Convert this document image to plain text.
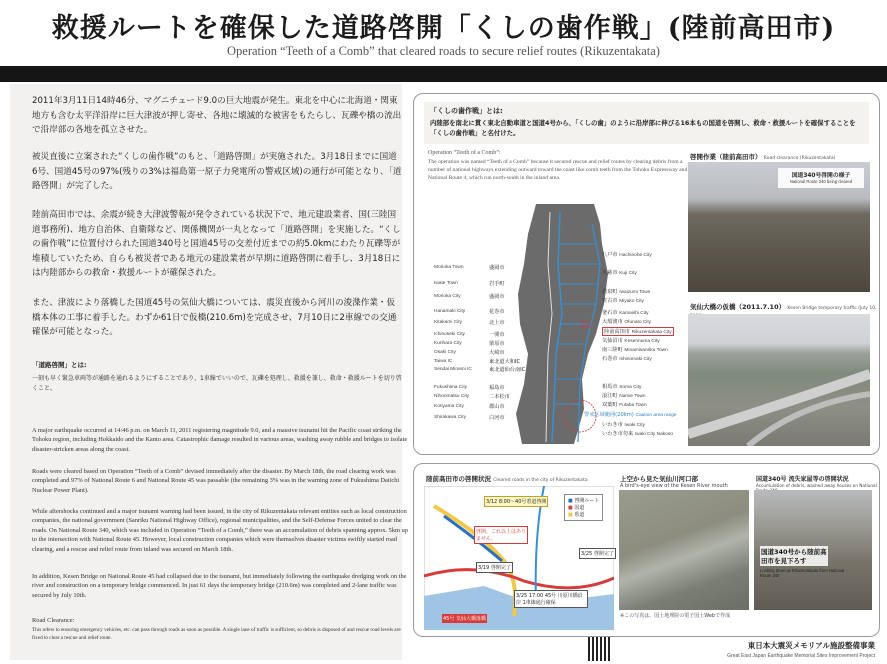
救援ルートを確保した道路啓開「くしの歯作戦」(陸前高田市)
Operation “Teeth of a Comb” that cleared roads to secure relief routes (Rikuzentakata)

2011年3月11日14時46分、マグニチュード9.0の巨大地震が発生。東北を中心に北海道・関東地方も含む太平洋沿岸に巨大津波が押し寄せ、各地に壊滅的な被害をもたらし、瓦礫や橋の流出で沿岸部の各地を孤立させた。

被災直後に立案された“くしの歯作戦”のもと、「道路啓開」が実施された。3月18日までに国道6号、国道45号の97%(残りの3%は福島第一原子力発電所の警戒区域)の通行が可能となり、「道路啓開」が完了した。

陸前高田市では、余震が続き大津波警報が発令されている状況下で、地元建設業者、国(三陸国道事務所)、地方自治体、自衛隊など、関係機関が一丸となって「道路啓開」を実施した。“くしの歯作戦”に位置付けられた国道340号と国道45号の交差付近までの約5.0kmにわたり瓦礫等が堆積していたため、自らも被災者である地元の建設業者が早期に道路啓開に着手し、3月18日には内陸部からの救命・救援ルートが確保された。

また、津波により落橋した国道45号の気仙大橋については、震災直後から河川の浚渫作業・仮橋本体の工事に着手した。わずか61日で仮橋(210.6m)を完成させ、7月10日に2車線での交通確保が可能となった。

「道路啓開」とは:

一刻も早く緊急車両等が通路を通れるようにすることであり、1車線でいいので、瓦礫を処理し、救援を兼し、救命・救援ルートを切り啓くこと。

A major earthquake occurred at 14:46 p.m. on March 11, 2011 registering magnitude 9.0, and a massive tsunami hit the Pacific coast striking the Tohoku region, including Hokkaido and the Kanto area. Catastrophic damage resulted in various areas, washing away rubble and bridges to isolate disaster-stricken areas along the coast.

Roads were cleared based on Operation “Teeth of a Comb” devised immediately after the disaster. By March 18th, the road clearing work was completed and 97% of National Route 6 and National Route 45 was passable (the remaining 3% was in the warning zone of Fukushima Daiichi Nuclear Power Plant).

While aftershocks continued and a major tsunami warning had been issued, in the city of Rikuzentakata relevant entities such as local construction companies, the national government (Sanriku National Highway Office), regional municipalities, and the Self-Defense Forces united to clear the roads. On National Route 340, which was included in Operation “Teeth of a Comb,” there was an accumulation of debris spanning approx. 5km up to the intersection with National Route 45. However, local construction companies which were themselves disaster victims swiftly started road clearing, and a rescue and relief route from inland was secured on March 18th.

In addition, Kesen Bridge on National Route 45 had collapsed due to the tsunami, but immediately following the earthquake dredging work on the river and construction on a temporary bridge commenced. In just 61 days the temporary bridge (210.6m) was completed and 2-lane traffic was secured by July 10th.

Road Clearance:

This refers to ensuring emergency vehicles, etc. can pass through roads as soon as possible. A single lane of traffic is sufficient, so debris is disposed of and rescue road levels are fixed to clear a rescue and relief route.

「くしの歯作戦」とは:
内陸部を南北に貫く東北自動車道と国道4号から、「くしの歯」のように沿岸部に伸びる16本もの国道を啓開し、救命・救援ルートを確保することを「くしの歯作戦」と名付けた。
Operation “Teeth of a Comb”:
The operation was named “Teeth of a Comb” because it secured rescue and relief routes by clearing debris from a number of national highways extending outward toward the coast like comb teeth from the Tohoku Expressway and National Route 4, which run north-south in the inland area.
盛岡市
Morioka Town
岩手町
Iwate Town
盛岡市
Morioka City
花巻市
Hanamaki City
北上市
Kitakami City
一関市
Ichinoseki City
栗原市
Kurihara City
大崎市
Osaki City
東北道大和IC
Taiwa IC
東北道仙台南IC
Sendai Minami IC
福島市
Fukushima City
二本松市
Nihonmatsu City
郡山市
Koriyama City
白河市
Shirakawa City
八戸市 Hachinohe City
久慈市 Kuji City
岩泉町 Iwaizumi Town
宮古市 Miyako City
釜石市 Kamaishi City
大船渡市 Ofunato City
陸前高田市 Rikuzentakata City
気仙沼市 Kesennuma City
南三陸町 Minamisanriku Town
石巻市 Ishinomaki City
相馬市 Soma City
浪江町 Namie Town
双葉町 Futaba Town
警戒区域範囲(20km) Caution area range
いわき市 Iwaki City
いわき市勿来 Iwaki City Nakoso
啓開作業（陸前高田市） Road clearance (Rikuzentakata)
国道340号啓開の様子
National Route 340 being cleared
気仙大橋の仮橋（2011.7.10） Kesen Bridge temporary traffic (July 10,
陸前高田市の啓開状況 Cleared roads in the city of Rikuzentakata
3/12 8:00～40号着道啓開
啓開、これ以上はありません。
3/19 啓開完了
3/25 啓開完了
3/25 17:00 45号 川原川橋沿岸 1車線通行確保
45号 気仙大橋落橋
■ 啓開ルート
■ 国道
■ 県道
上空から見た気仙川河口部
A bird's-eye view of the Kesen River mouth
※この写真は、国土地理院の電子国土Webで作成
国道340号 流失家屋等の啓開状況
Accumulation of debris, washed away houses on National
国道340号から陸前高田市を見下ろす
Looking down at Rikuzentakata from National Route 340
東日本大震災メモリアル施設整備事業
Great East Japan Earthquake Memorial Sites Improvement Project
